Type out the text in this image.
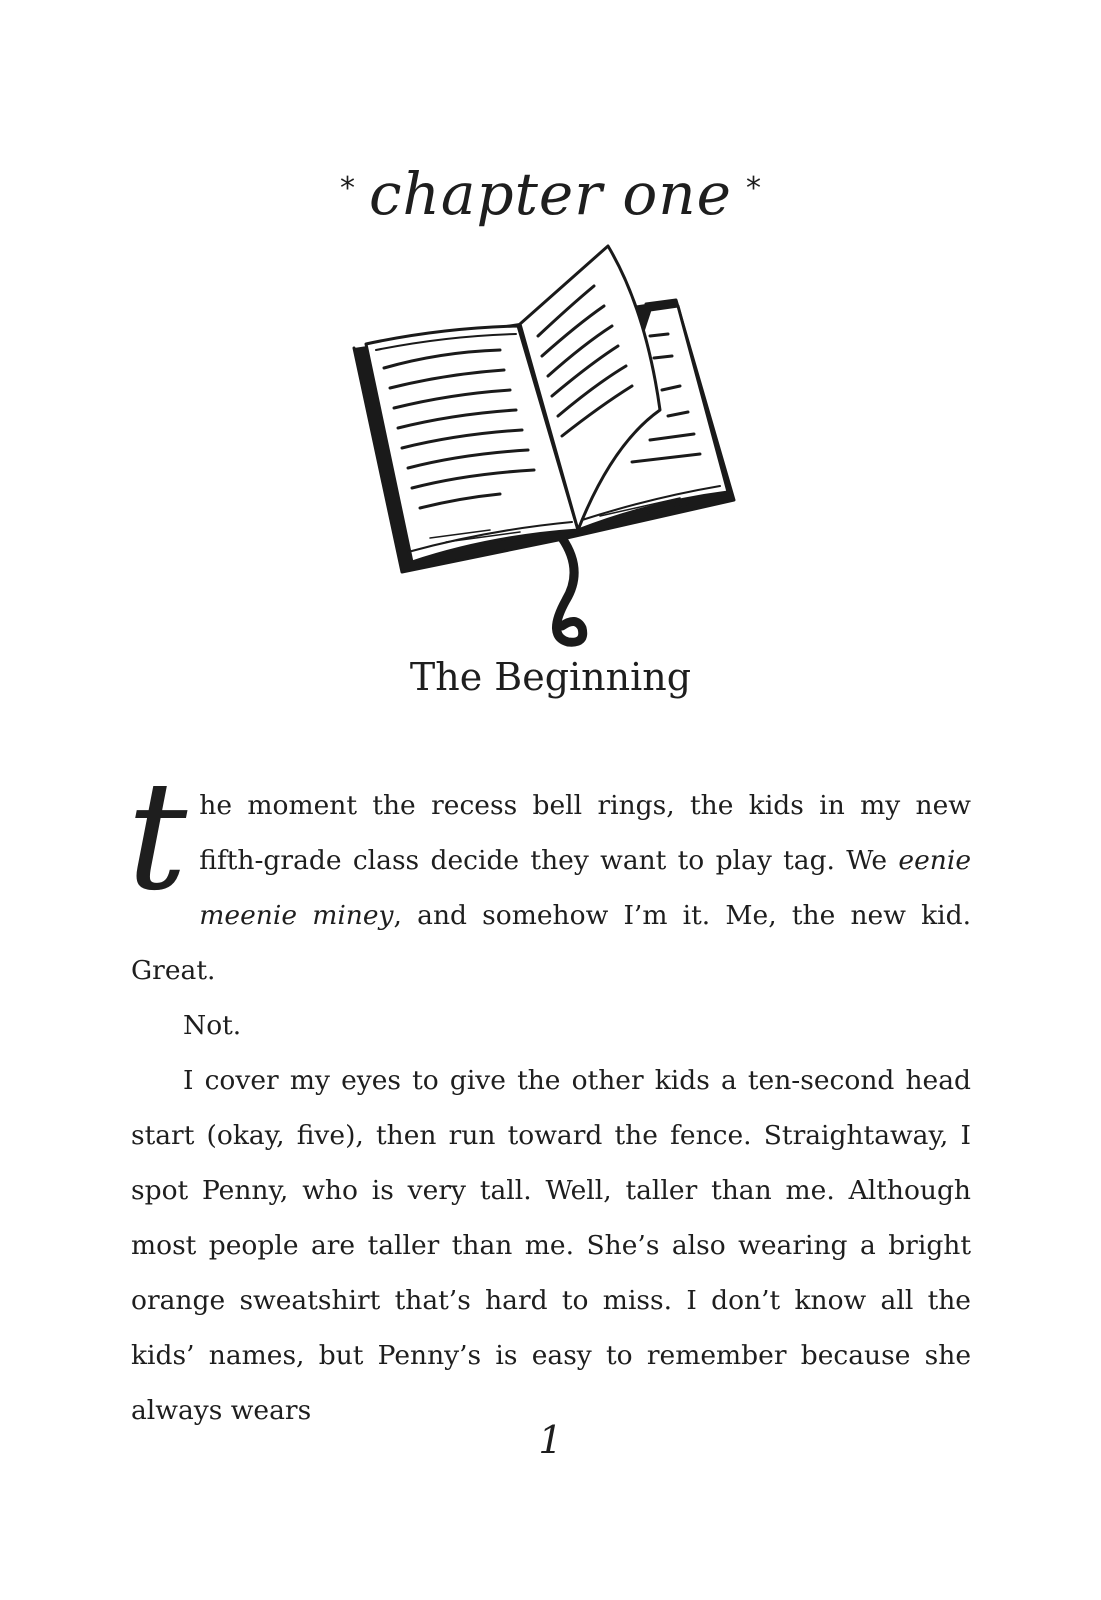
* chapter one *
The Beginning

the moment the recess bell rings, the kids in my new fifth-grade class decide they want to play tag. We eenie meenie miney, and somehow I’m it. Me, the new kid. Great.

Not.

I cover my eyes to give the other kids a ten-second head start (okay, five), then run toward the fence. Straightaway, I spot Penny, who is very tall. Well, taller than me. Although most people are taller than me. She’s also wearing a bright orange sweatshirt that’s hard to miss. I don’t know all the kids’ names, but Penny’s is easy to remember because she always wears

1
